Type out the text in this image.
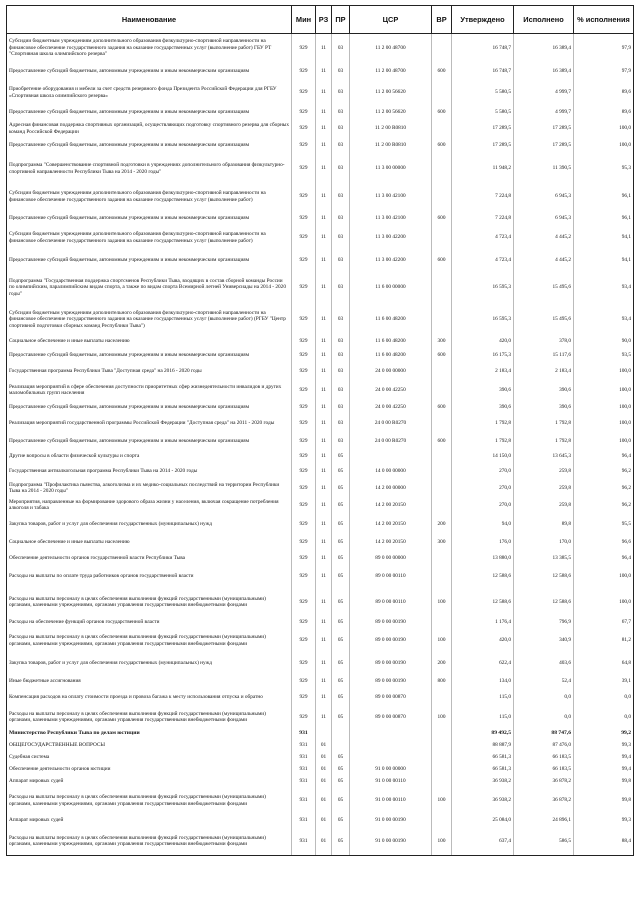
Наименование	Мин	РЗ	ПР	ЦСР	ВР	Утверждено	Исполнено	% исполнения
Субсидии бюджетным учреждениям дополнительного образования физкультурно-спортивной направленности на финансовое обеспечение государственного задания на оказание государственных услуг (выполнение работ) ГБУ РТ "Спортивная школа олимпийского резерва"	929	11	03	11 2 00 48700		16 748,7	16 389,4	97,9
Предоставление субсидий бюджетным, автономным учреждениям и иным некоммерческим организациям	929	11	03	11 2 00 48700	600	16 748,7	16 389,4	97,9
Приобретение оборудования и мебели за счет средств резервного фонда Президента Российской Федерации для РГБУ «Спортивная школа олимпийского резерва»	929	11	03	11 2 00 56620		5 580,5	4 999,7	89,6
Предоставление субсидий бюджетным, автономным учреждениям и иным некоммерческим организациям	929	11	03	11 2 00 56620	600	5 580,5	4 999,7	89,6
Адресная финансовая поддержка спортивных организаций, осуществляющих подготовку спортивного резерва для сборных команд Российской Федерации	929	11	03	11 2 00 R0810		17 289,5	17 289,5	100,0
Предоставление субсидий бюджетным, автономным учреждениям и иным некоммерческим организациям	929	11	03	11 2 00 R0810	600	17 289,5	17 289,5	100,0
Подпрограмма "Совершенствование спортивной подготовки в учреждениях дополнительного образования физкультурно-спортивной направленности Республики Тыва на 2014 - 2020 годы"	929	11	03	11 3 00 00000		11 948,2	11 390,5	95,3
Субсидии бюджетным учреждениям дополнительного образования физкультурно-спортивной направленности на финансовое обеспечение государственного задания на оказание государственных услуг (выполнение работ)	929	11	03	11 3 00 42100		7 224,8	6 945,3	96,1
Предоставление субсидий бюджетным, автономным учреждениям и иным некоммерческим организациям	929	11	03	11 3 00 42100	600	7 224,8	6 945,3	96,1
Субсидии бюджетным учреждениям дополнительного образования физкультурно-спортивной направленности на финансовое обеспечение государственного задания на оказание государственных услуг (выполнение работ)	929	11	03	11 3 00 42200		4 723,4	4 445,2	94,1
Предоставление субсидий бюджетным, автономным учреждениям и иным некоммерческим организациям	929	11	03	11 3 00 42200	600	4 723,4	4 445,2	94,1
Подпрограмма "Государственная поддержка спортсменов Республики Тыва, входящих в состав сборной команды России по олимпийским, паралимпийским видам спорта, а также по видам спорта Всемирной летней Универсиады на 2014 - 2020 годы"	929	11	03	11 6 00 00000		16 595,3	15 495,6	93,4
Субсидии бюджетным учреждениям дополнительного образования физкультурно-спортивной направленности на финансовое обеспечение государственного задания на оказание государственных услуг (выполнение работ) (РГБУ "Центр спортивной подготовки сборных команд Республики Тыва")	929	11	03	11 6 00 48200		16 595,3	15 495,6	93,4
Социальное обеспечение и иные выплаты населению	929	11	03	11 6 00 48200	300	420,0	378,0	90,0
Предоставление субсидий бюджетным, автономным учреждениям и иным некоммерческим организациям	929	11	03	11 6 00 48200	600	16 175,3	15 117,6	93,5
Государственная программа Республики Тыва "Доступная среда" на 2016 - 2020 годы	929	11	03	24 0 00 00000		2 183,4	2 183,4	100,0
Реализация мероприятий в сфере обеспечения доступности приоритетных сфер жизнедеятельности инвалидов и других маломобильных групп населения	929	11	03	24 0 00 42250		390,6	390,6	100,0
Предоставление субсидий бюджетным, автономным учреждениям и иным некоммерческим организациям	929	11	03	24 0 00 42250	600	390,6	390,6	100,0
Реализация мероприятий государственной программы Российской Федерации "Доступная среда" на 2011 - 2020 годы	929	11	03	24 0 00 R0270		1 792,8	1 792,8	100,0
Предоставление субсидий бюджетным, автономным учреждениям и иным некоммерческим организациям	929	11	03	24 0 00 R0270	600	1 792,8	1 792,8	100,0
Другие вопросы в области физической культуры и спорта	929	11	05			14 150,0	13 645,3	96,4
Государственная антиалкогольная программа Республики Тыва на 2014 - 2020 годы	929	11	05	14 0 00 00000		270,0	259,8	96,2
Подпрограмма "Профилактика пьянства, алкоголизма и их медико-социальных последствий на территории Республики Тыва на 2014 - 2020 годы"	929	11	05	14 2 00 00000		270,0	259,8	96,2
Мероприятия, направленные на формирование здорового образа жизни у населения, включая сокращение потребления алкоголя и табака	929	11	05	14 2 00 20150		270,0	259,8	96,2
Закупка товаров, работ и услуг для обеспечения государственных (муниципальных) нужд	929	11	05	14 2 00 20150	200	94,0	89,8	95,5
Социальное обеспечение и иные выплаты населению	929	11	05	14 2 00 20150	300	176,0	170,0	96,6
Обеспечение деятельности органов государственной власти Республики Тыва	929	11	05	89 0 00 00000		13 880,0	13 385,5	96,4
Расходы на выплаты по оплате труда работников органов государственной власти	929	11	05	89 0 00 00110		12 588,6	12 588,6	100,0
Расходы на выплаты персоналу в целях обеспечения выполнения функций государственными (муниципальными) органами, казенными учреждениями, органами управления государственными внебюджетными фондами	929	11	05	89 0 00 00110	100	12 588,6	12 588,6	100,0
Расходы на обеспечение функций органов государственной власти	929	11	05	89 0 00 00190		1 176,4	796,9	67,7
Расходы на выплаты персоналу в целях обеспечения выполнения функций государственными (муниципальными) органами, казенными учреждениями, органами управления государственными внебюджетными фондами	929	11	05	89 0 00 00190	100	420,0	340,9	81,2
Закупка товаров, работ и услуг для обеспечения государственных (муниципальных) нужд	929	11	05	89 0 00 00190	200	622,4	403,6	64,8
Иные бюджетные ассигнования	929	11	05	89 0 00 00190	800	134,0	52,4	39,1
Компенсация расходов на оплату стоимости проезда и провоза багажа к месту использования отпуска и обратно	929	11	05	89 0 00 00870		115,0	0,0	0,0
Расходы на выплаты персоналу в целях обеспечения выполнения функций государственными (муниципальными) органами, казенными учреждениями, органами управления государственными внебюджетными фондами	929	11	05	89 0 00 00870	100	115,0	0,0	0,0
Министерство Республики Тыва по делам юстиции	931					89 492,5	88 747,6	99,2
ОБЩЕГОСУДАРСТВЕННЫЕ ВОПРОСЫ	931	01				88 887,9	87 476,0	99,3
Судебная система	931	01	05			66 581,3	66 183,5	99,4
Обеспечение деятельности органов юстиции	931	01	05	91 0 00 00000		66 581,3	66 183,5	99,4
Аппарат мировых судей	931	01	05	91 0 00 00110		36 938,2	36 878,2	99,8
Расходы на выплаты персоналу в целях обеспечения выполнения функций государственными (муниципальными) органами, казенными учреждениями, органами управления государственными внебюджетными фондами	931	01	05	91 0 00 00110	100	36 938,2	36 878,2	99,8
Аппарат мировых судей	931	01	05	91 0 00 00190		25 084,0	24 896,1	99,3
Расходы на выплаты персоналу в целях обеспечения выполнения функций государственными (муниципальными) органами, казенными учреждениями, органами управления государственными внебюджетными фондами	931	01	05	91 0 00 00190	100	637,4	586,5	88,4
